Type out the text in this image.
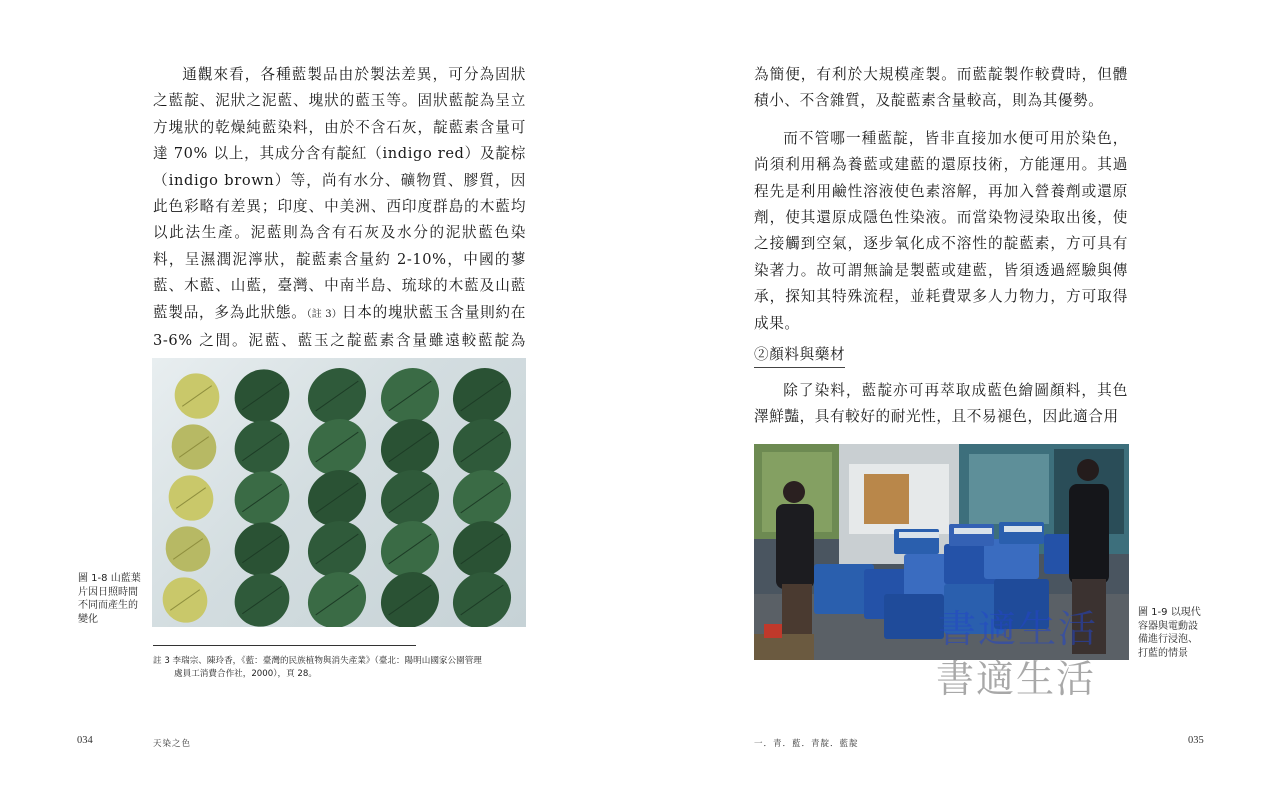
通觀來看，各種藍製品由於製法差異，可分為固狀之藍靛、泥狀之泥藍、塊狀的藍玉等。固狀藍靛為呈立方塊狀的乾燥純藍染料，由於不含石灰，靛藍素含量可達 70% 以上，其成分含有靛紅（indigo red）及靛棕（indigo brown）等，尚有水分、礦物質、膠質，因此色彩略有差異；印度、中美洲、西印度群島的木藍均以此法生產。泥藍則為含有石灰及水分的泥狀藍色染料，呈濕潤泥濘狀，靛藍素含量約 2-10%，中國的蓼藍、木藍、山藍，臺灣、中南半島、琉球的木藍及山藍藍製品，多為此狀態。（註 3）日本的塊狀藍玉含量則約在 3-6% 之間。泥藍、藍玉之靛藍素含量雖遠較藍靛為

圖 1-8 山藍葉
片因日照時間
不同而產生的
變化
註 3 李瑞宗、陳玲香，《藍：臺灣的民族植物與消失產業》（臺北：陽明山國家公園管理
處員工消費合作社，2000），頁 28。
034	天染之色

為簡便，有利於大規模產製。而藍靛製作較費時，但體積小、不含雜質，及靛藍素含量較高，則為其優勢。

而不管哪一種藍靛，皆非直接加水便可用於染色，尚須利用稱為養藍或建藍的還原技術，方能運用。其過程先是利用鹼性溶液使色素溶解，再加入營養劑或還原劑，使其還原成隱色性染液。而當染物浸染取出後，使之接觸到空氣，逐步氧化成不溶性的靛藍素，方可具有染著力。故可謂無論是製藍或建藍，皆須透過經驗與傳承，探知其特殊流程，並耗費眾多人力物力，方可取得成果。

②顏料與藥材

除了染料，藍靛亦可再萃取成藍色繪圖顏料，其色澤鮮豔，具有較好的耐光性，且不易褪色，因此適合用

圖 1-9 以現代
容器與電動設
備進行浸泡、
打藍的情景
書適生活
書適生活
一．青．藍．青靛．藍靛	035
